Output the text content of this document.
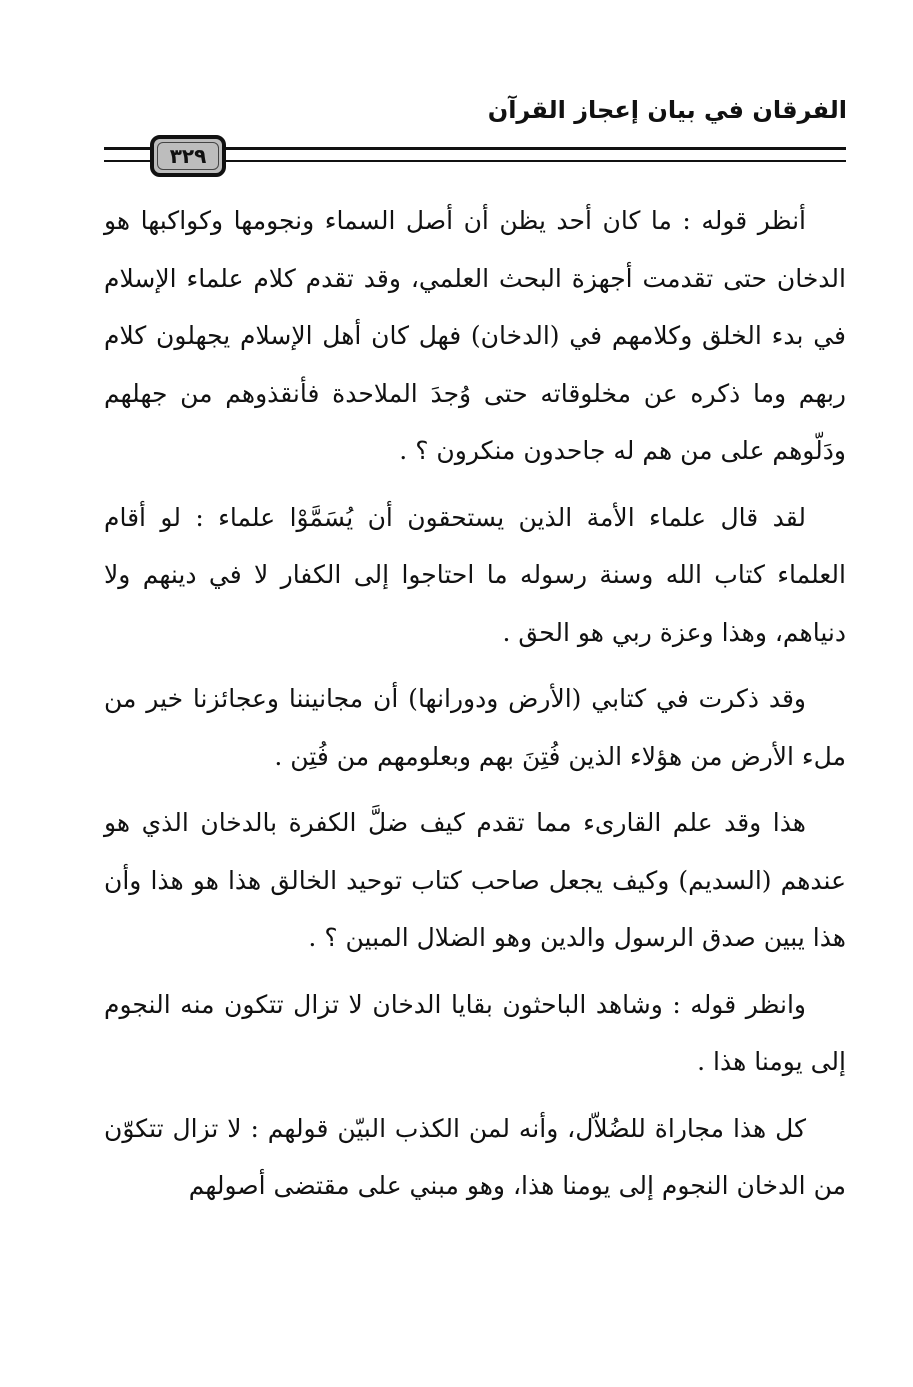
الفرقان في بيان إعجاز القرآن
٣٢٩

أنظر قوله : ما كان أحد يظن أن أصل السماء ونجومها وكواكبها هو الدخان حتى تقدمت أجهزة البحث العلمي، وقد تقدم كلام علماء الإسلام في بدء الخلق وكلامهم في (الدخان) فهل كان أهل الإسلام يجهلون كلام ربهم وما ذكره عن مخلوقاته حتى وُجدَ الملاحدة فأنقذوهم من جهلهم ودَلّوهم على من هم له جاحدون منكرون ؟ .

لقد قال علماء الأمة الذين يستحقون أن يُسَمَّوْا علماء : لو أقام العلماء كتاب الله وسنة رسوله ما احتاجوا إلى الكفار لا في دينهم ولا دنياهم، وهذا وعزة ربي هو الحق .

وقد ذكرت في كتابي (الأرض ودورانها) أن مجانيننا وعجائزنا خير من ملء الأرض من هؤلاء الذين فُتِنَ بهم وبعلومهم من فُتِن .

هذا وقد علم القارىء مما تقدم كيف ضلَّ الكفرة بالدخان الذي هو عندهم (السديم) وكيف يجعل صاحب كتاب توحيد الخالق هذا هو هذا وأن هذا يبين صدق الرسول والدين وهو الضلال المبين ؟ .

وانظر قوله : وشاهد الباحثون بقايا الدخان لا تزال تتكون منه النجوم إلى يومنا هذا .

كل هذا مجاراة للضُلاّل، وأنه لمن الكذب البيّن قولهم : لا تزال تتكوّن من الدخان النجوم إلى يومنا هذا، وهو مبني على مقتضى أصولهم
